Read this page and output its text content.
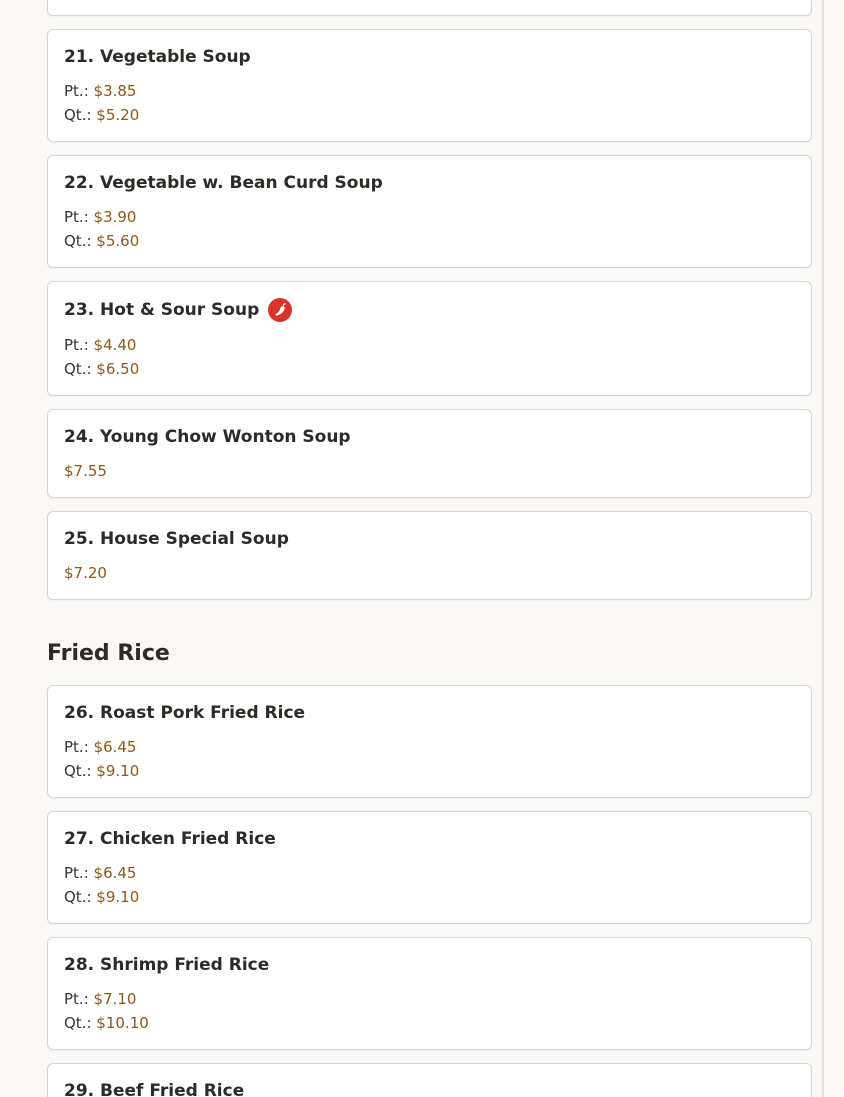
21. Vegetable Soup
Pt.: $3.85
Qt.: $5.20
22. Vegetable w. Bean Curd Soup
Pt.: $3.90
Qt.: $5.60
23. Hot & Sour Soup
Pt.: $4.40
Qt.: $6.50
24. Young Chow Wonton Soup
$7.55
25. House Special Soup
$7.20
Fried Rice
26. Roast Pork Fried Rice
Pt.: $6.45
Qt.: $9.10
27. Chicken Fried Rice
Pt.: $6.45
Qt.: $9.10
28. Shrimp Fried Rice
Pt.: $7.10
Qt.: $10.10
29. Beef Fried Rice
